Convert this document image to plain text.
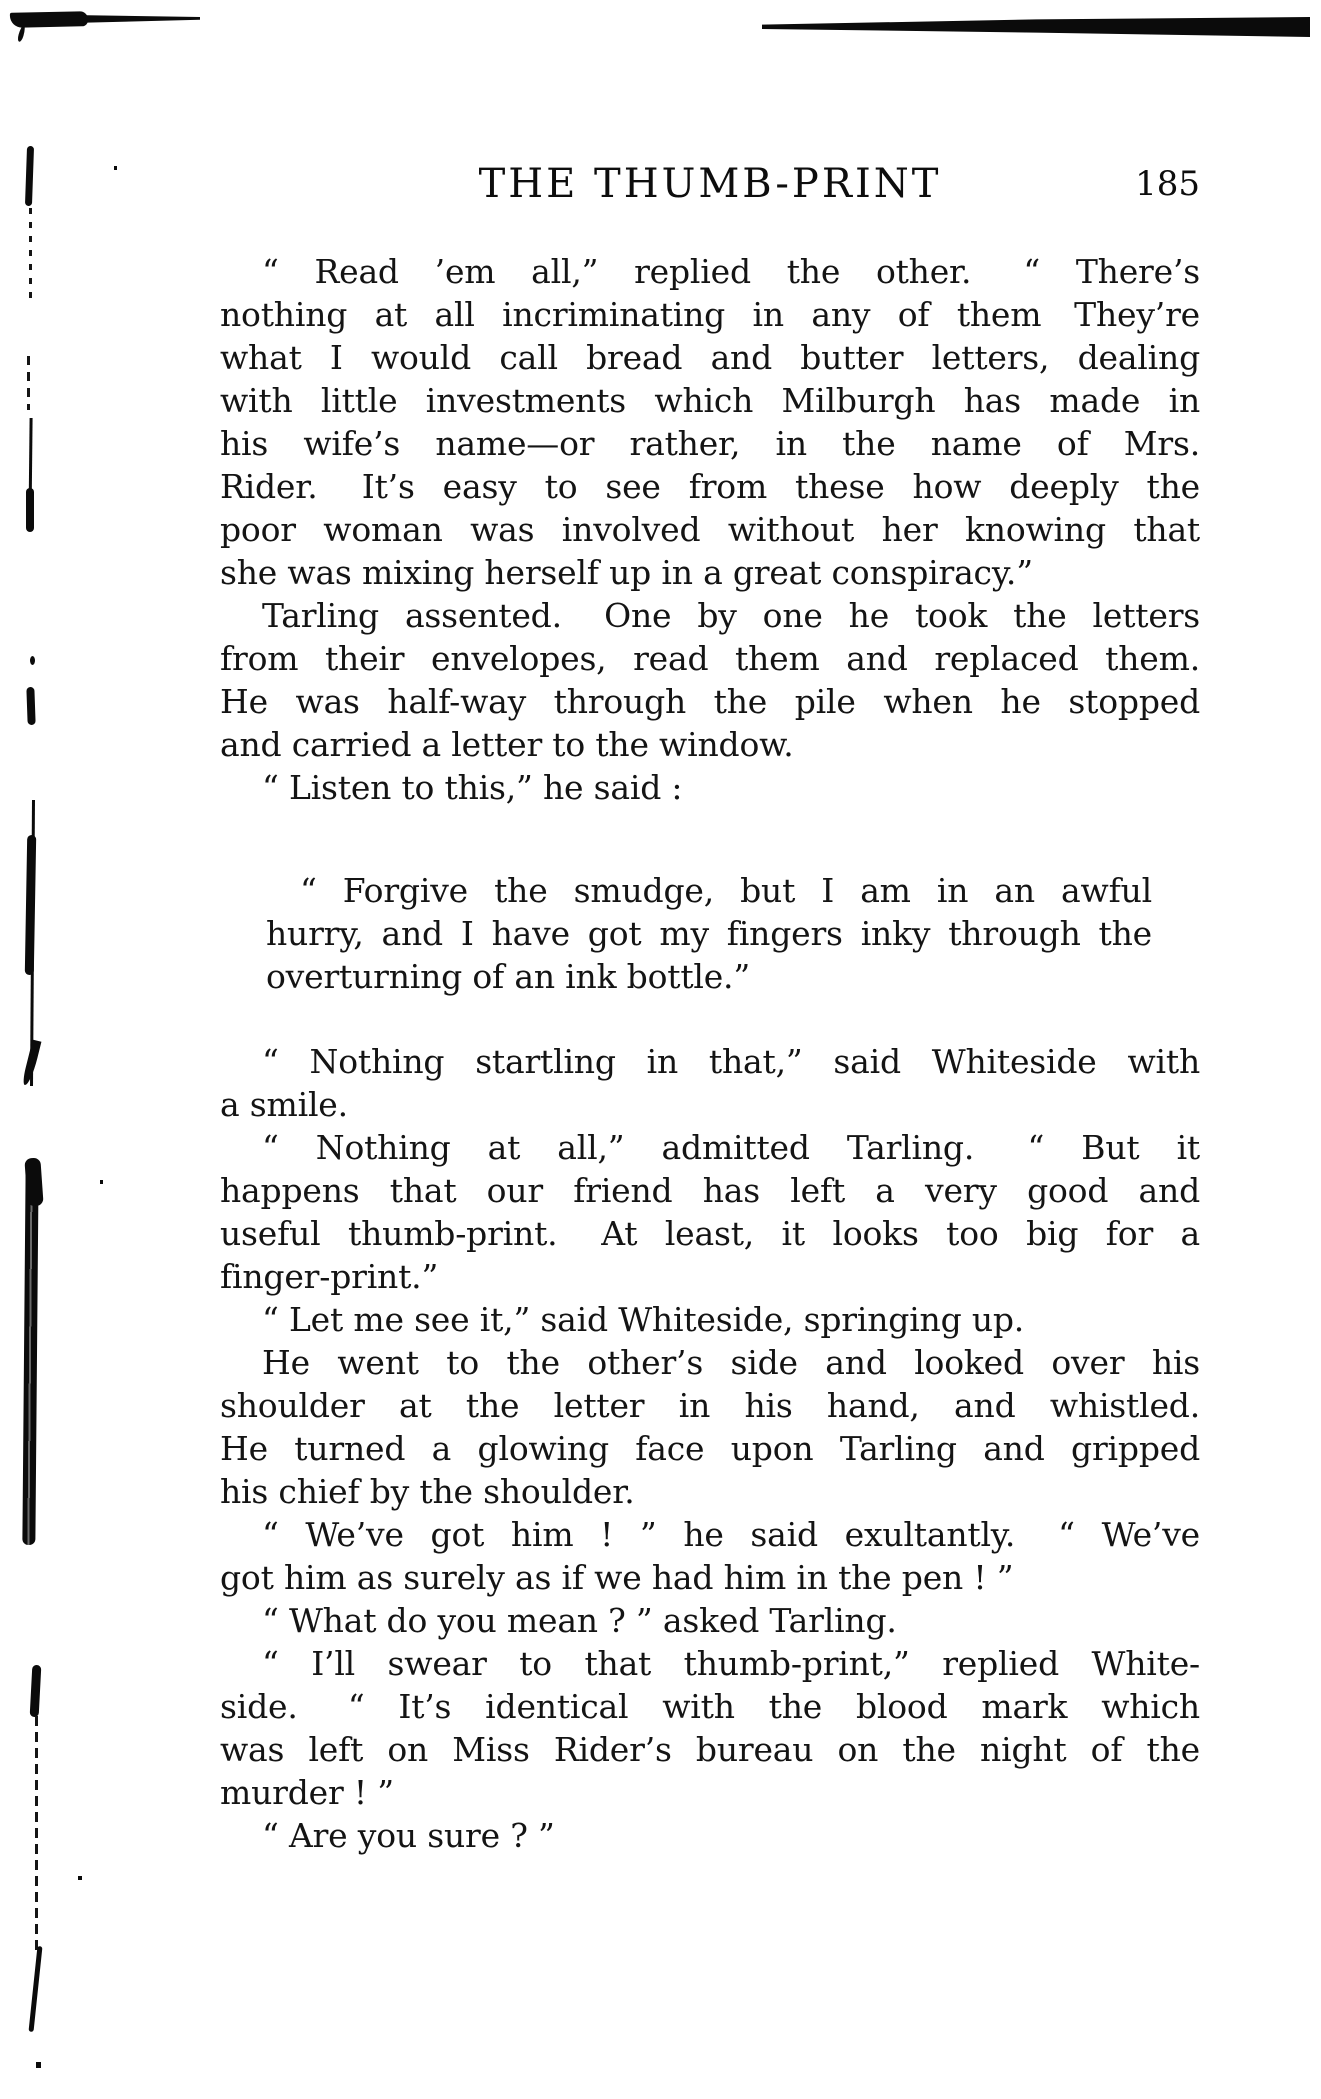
THE THUMB-PRINT	185
“ Read ’em all,” replied the other.  “ There’s
nothing at all incriminating in any of them They’re
what I would call bread and butter letters, dealing
with little investments which Milburgh has made in
his wife’s name—or rather, in the name of Mrs.
Rider.  It’s easy to see from these how deeply the
poor woman was involved without her knowing that
she was mixing herself up in a great conspiracy.”
Tarling assented.  One by one he took the letters
from their envelopes, read them and replaced them.
He was half-way through the pile when he stopped
and carried a letter to the window.
“ Listen to this,” he said :
“ Forgive the smudge, but I am in an awful
hurry, and I have got my fingers inky through the
overturning of an ink bottle.”
“ Nothing startling in that,” said Whiteside with
a smile.
“ Nothing at all,” admitted Tarling.  “ But it
happens that our friend has left a very good and
useful thumb-print.  At least, it looks too big for a
finger-print.”
“ Let me see it,” said Whiteside, springing up.
He went to the other’s side and looked over his
shoulder at the letter in his hand, and whistled.
He turned a glowing face upon Tarling and gripped
his chief by the shoulder.
“ We’ve got him ! ” he said exultantly.  “ We’ve
got him as surely as if we had him in the pen ! ”
“ What do you mean ? ” asked Tarling.
“ I’ll swear to that thumb-print,” replied White-
side.  “ It’s identical with the blood mark which
was left on Miss Rider’s bureau on the night of the
murder ! ”
“ Are you sure ? ”
